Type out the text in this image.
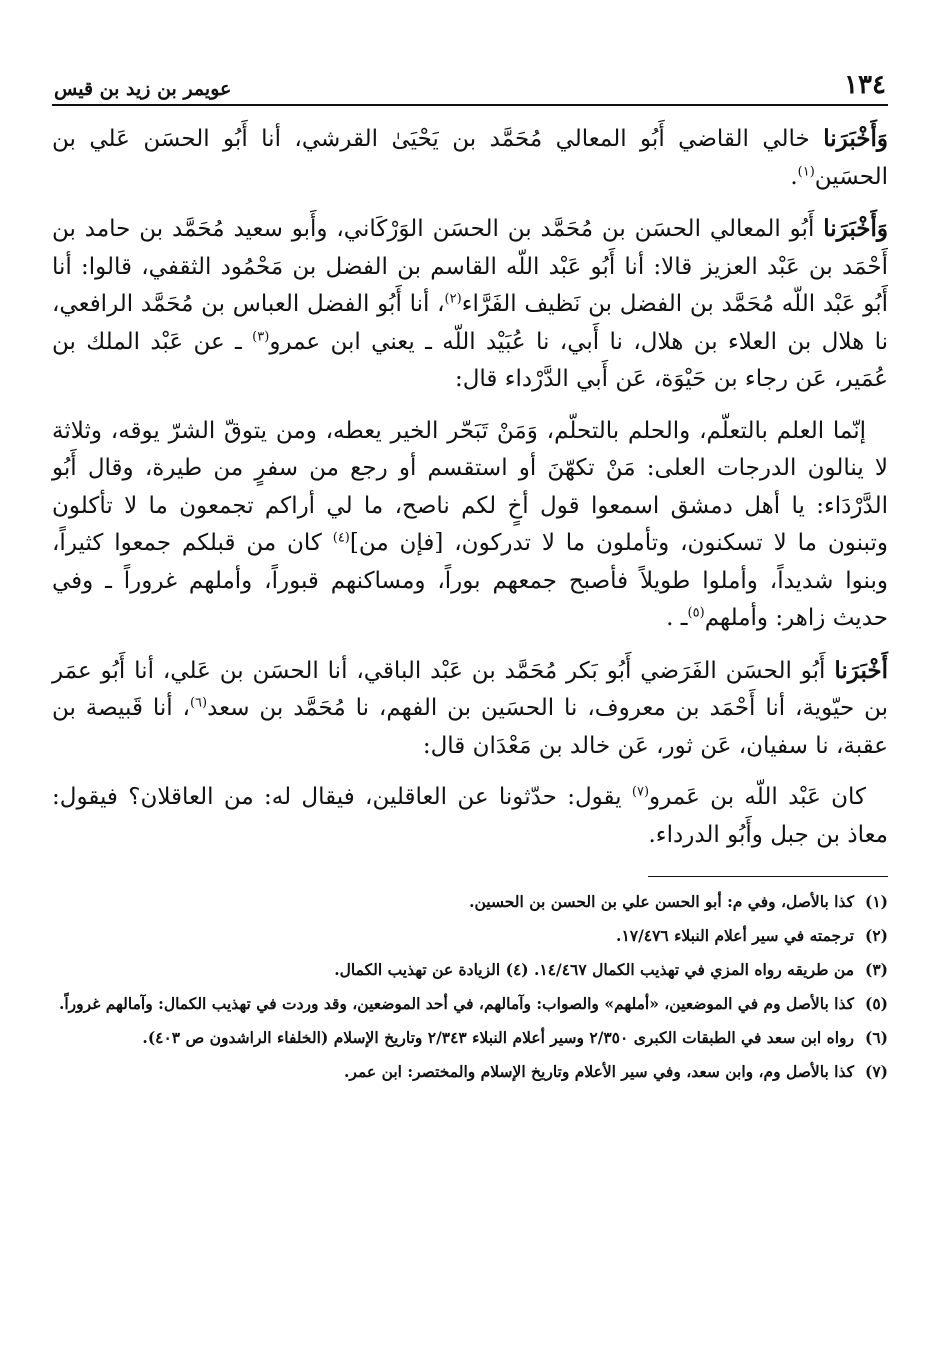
١٣٤
عويمر بن زيد بن قيس

وَأَخْبَرَنا خالي القاضي أَبُو المعالي مُحَمَّد بن يَحْيَىٰ القرشي، أنا أَبُو الحسَن عَلي بن الحسَين$^{(١)}$.

وَأَخْبَرَنا أَبُو المعالي الحسَن بن مُحَمَّد بن الحسَن الوَرْكَاني، وأَبو سعيد مُحَمَّد بن حامد بن أَحْمَد بن عَبْد العزيز قالا: أنا أَبُو عَبْد اللّه القاسم بن الفضل بن مَحْمُود الثقفي، قالوا: أنا أَبُو عَبْد اللّه مُحَمَّد بن الفضل بن نَظيف الفَرَّاء$^{(٢)}$، أنا أَبُو الفضل العباس بن مُحَمَّد الرافعي، نا هلال بن العلاء بن هلال، نا أَبي، نا عُبَيْد اللّه ـ يعني ابن عمرو$^{(٣)}$ ـ عن عَبْد الملك بن عُمَير، عَن رجاء بن حَيْوَة، عَن أَبي الدَّرْداء قال:

إنّما العلم بالتعلّم، والحلم بالتحلّم، وَمَنْ تَبَحّر الخير يعطه، ومن يتوقّ الشرّ يوقه، وثلاثة لا ينالون الدرجات العلى: مَنْ تكهّنَ أو استقسم أو رجع من سفرٍ من طيرة، وقال أَبُو الدَّرْدَاء: يا أهل دمشق اسمعوا قول أخٍ لكم ناصح، ما لي أراكم تجمعون ما لا تأكلون وتبنون ما لا تسكنون، وتأملون ما لا تدركون، [فإن من]$^{(٤)}$ كان من قبلكم جمعوا كثيراً، وبنوا شديداً، وأملوا طويلاً فأصبح جمعهم بوراً، ومساكنهم قبوراً، وأملهم غروراً ـ وفي حديث زاهر: وأملهم$^{(٥)}$ـ .

أَخْبَرَنا أَبُو الحسَن الفَرَضي أَبُو بَكر مُحَمَّد بن عَبْد الباقي، أنا الحسَن بن عَلي، أنا أَبُو عمَر بن حيّوية، أنا أَحْمَد بن معروف، نا الحسَين بن الفهم، نا مُحَمَّد بن سعد$^{(٦)}$، أنا قَبيصة بن عقبة، نا سفيان، عَن ثور، عَن خالد بن مَعْدَان قال:

كان عَبْد اللّه بن عَمرو$^{(٧)}$ يقول: حدّثونا عن العاقلين، فيقال له: من العاقلان؟ فيقول: معاذ بن جبل وأَبُو الدرداء.

(١)
كذا بالأصل، وفي م: أبو الحسن علي بن الحسن بن الحسين.
(٢)
ترجمته في سير أعلام النبلاء ١٧/٤٧٦.
(٣)
من طريقه رواه المزي في تهذيب الكمال ١٤/٤٦٧. (٤) الزيادة عن تهذيب الكمال.
(٥)
كذا بالأصل وم في الموضعين، «أملهم» والصواب: وآمالهم، في أحد الموضعين، وقد وردت في تهذيب الكمال: وآمالهم غروراً.
(٦)
رواه ابن سعد في الطبقات الكبرى ٢/٣٥٠ وسير أعلام النبلاء ٢/٣٤٣ وتاريخ الإسلام (الخلفاء الراشدون ص ٤٠٣).
(٧)
كذا بالأصل وم، وابن سعد، وفي سير الأعلام وتاريخ الإسلام والمختصر: ابن عمر.
